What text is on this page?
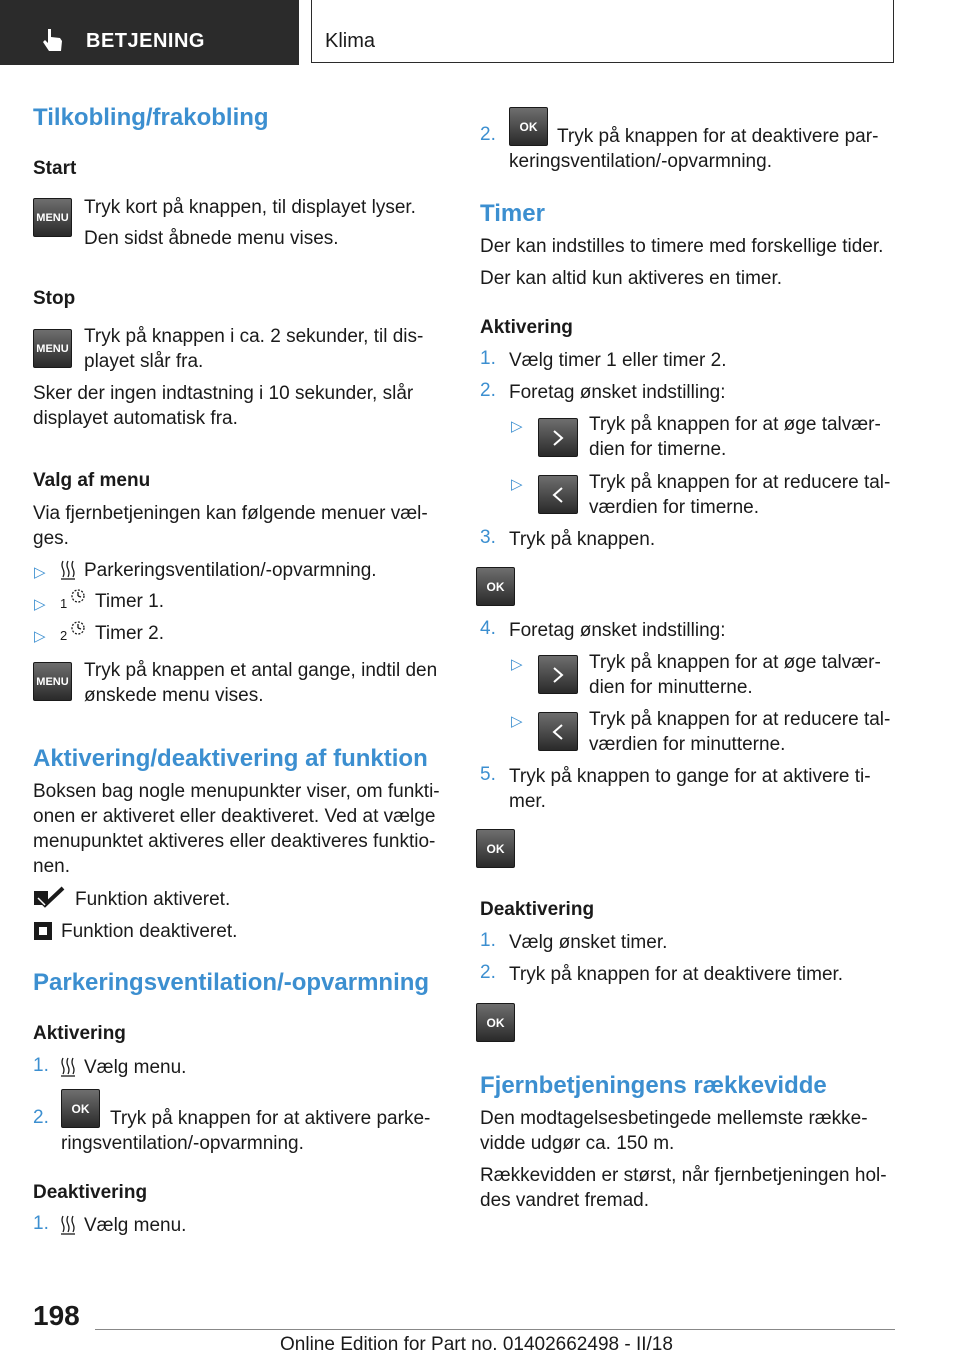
BETJENING	Klima
Tilkobling/frakobling
Start
MENU Tryk kort på knappen, til displayet lyser.
Den sidst åbnede menu vises.
Stop
MENU
Tryk på knappen i ca. 2 sekunder, til dis-
playet slår fra.
Sker der ingen indtastning i 10 sekunder, slår
displayet automatisk fra.
Valg af menu
Via fjernbetjeningen kan følgende menuer væl-
ges.
▷ Parkeringsventilation/-opvarmning.
▷ 1 Timer 1.
▷ 2 Timer 2.
MENU
Tryk på knappen et antal gange, indtil den
ønskede menu vises.
Aktivering/deaktivering af funktion
Boksen bag nogle menupunkter viser, om funkti-
onen er aktiveret eller deaktiveret. Ved at vælge
menupunktet aktiveres eller deaktiveres funktio-
nen.
Funktion aktiveret.
Funktion deaktiveret.
Parkeringsventilation/-opvarmning
Aktivering
1. Vælg menu.
2.	OK	Tryk på knappen for at aktivere parke-
ringsventilation/-opvarmning.
Deaktivering
1. Vælg menu.
2.	OK	Tryk på knappen for at deaktivere par-
keringsventilation/-opvarmning.
Timer
Der kan indstilles to timere med forskellige tider.
Der kan altid kun aktiveres en timer.
Aktivering
1. Vælg timer 1 eller timer 2.
2. Foretag ønsket indstilling:
▷	Tryk på knappen for at øge talvær-
dien for timerne.
▷	Tryk på knappen for at reducere tal-
værdien for timerne.
3. Tryk på knappen.
OK
4. Foretag ønsket indstilling:
▷	Tryk på knappen for at øge talvær-
dien for minutterne.
▷	Tryk på knappen for at reducere tal-
værdien for minutterne.
5. Tryk på knappen to gange for at aktivere ti-
mer.
OK
Deaktivering
1. Vælg ønsket timer.
2. Tryk på knappen for at deaktivere timer.
OK
Fjernbetjeningens rækkevidde
Den modtagelsesbetingede mellemste række-
vidde udgør ca. 150 m.
Rækkevidden er størst, når fjernbetjeningen hol-
des vandret fremad.
198
Online Edition for Part no. 01402662498 - II/18
